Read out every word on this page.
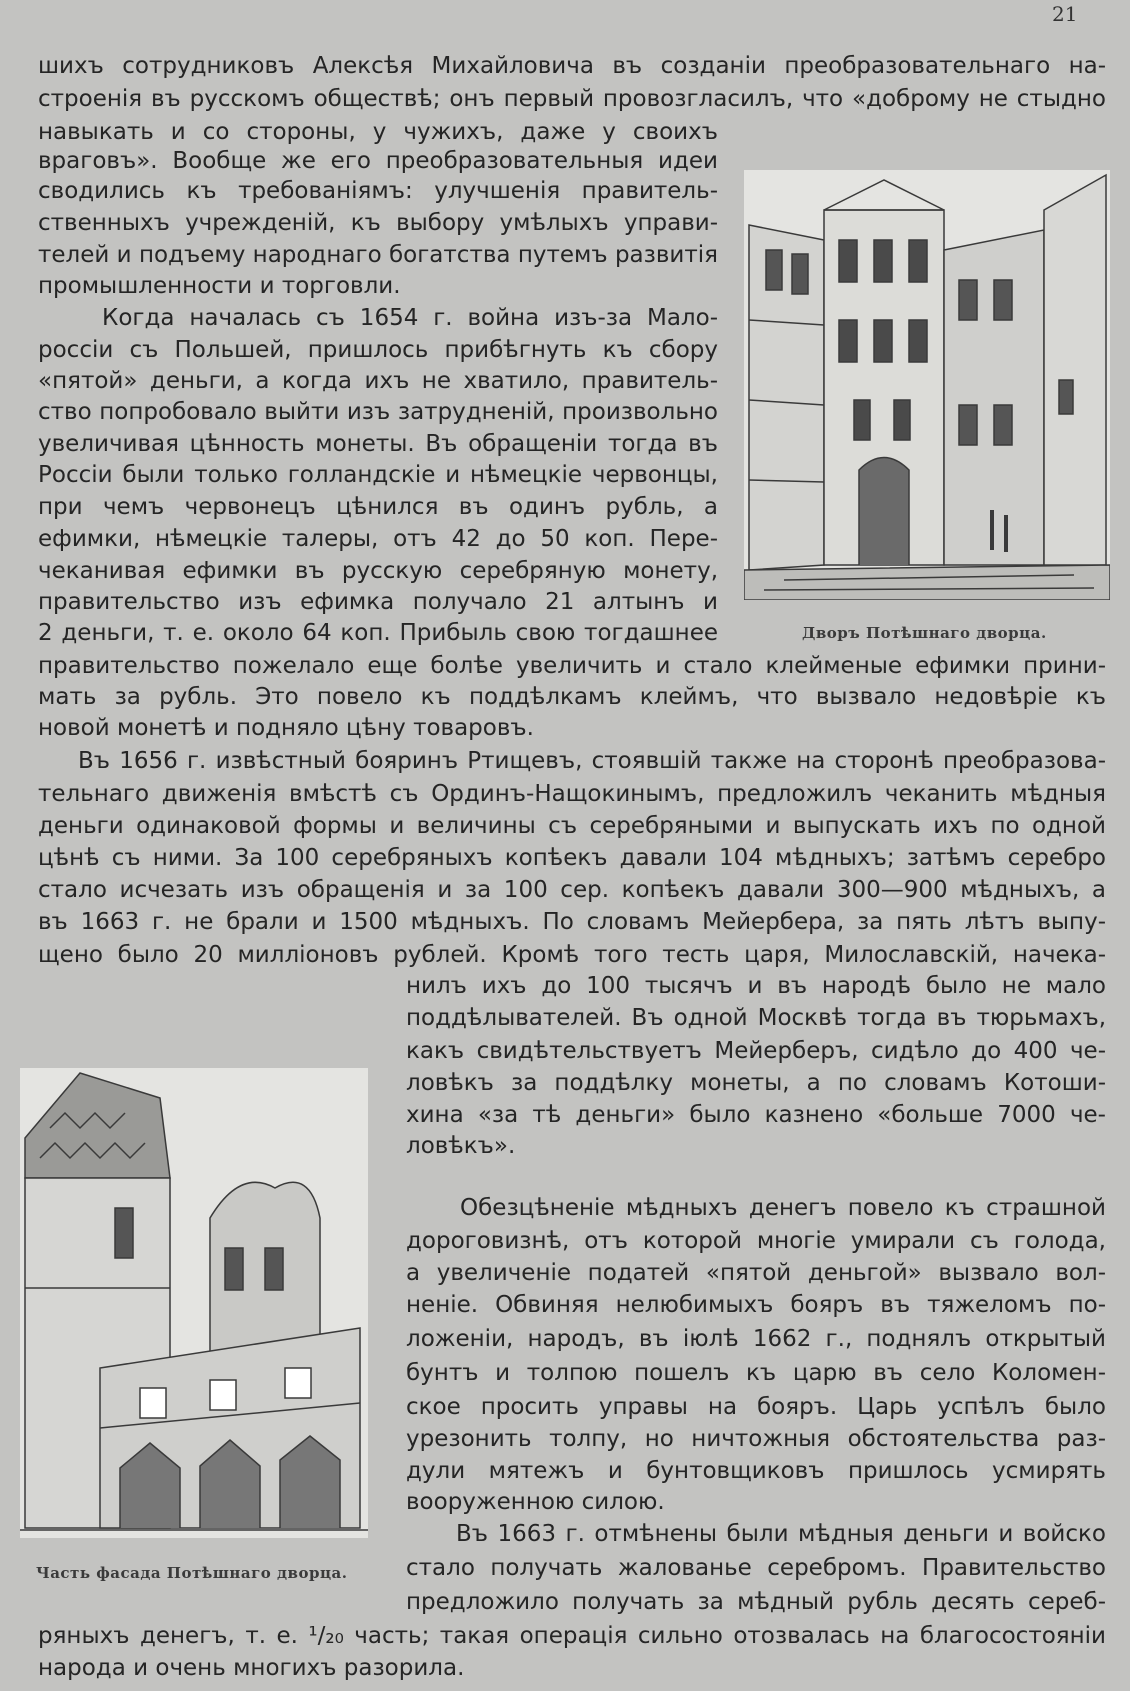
21
шихъ сотрудниковъ Алексѣя Михайловича въ созданіи преобразовательнаго на-
строенія въ русскомъ обществѣ; онъ первый провозгласилъ, что «доброму не стыдно
навыкать и со стороны, у чужихъ, даже у своихъ
враговъ». Вообще же его преобразовательныя идеи
сводились къ требованіямъ: улучшенія правитель-
ственныхъ учрежденій, къ выбору умѣлыхъ управи-
телей и подъему народнаго богатства путемъ развитія
промышленности и торговли.
Когда началась съ 1654 г. война изъ-за Мало-
россіи съ Польшей, пришлось прибѣгнуть къ сбору
«пятой» деньги, а когда ихъ не хватило, правитель-
ство попробовало выйти изъ затрудненій, произвольно
увеличивая цѣнность монеты. Въ обращеніи тогда въ
Россіи были только голландскіе и нѣмецкіе червонцы,
при чемъ червонецъ цѣнился въ одинъ рубль, а
ефимки, нѣмецкіе талеры, отъ 42 до 50 коп. Пере-
чеканивая ефимки въ русскую серебряную монету,
правительство изъ ефимка получало 21 алтынъ и
2 деньги, т. е. около 64 коп. Прибыль свою тогдашнее
правительство пожелало еще болѣе увеличить и стало клейменые ефимки прини-
мать за рубль. Это повело къ поддѣлкамъ клеймъ, что вызвало недовѣріе къ
новой монетѣ и подняло цѣну товаровъ.
Въ 1656 г. извѣстный бояринъ Ртищевъ, стоявшій также на сторонѣ преобразова-
тельнаго движенія вмѣстѣ съ Ординъ-Нащокинымъ, предложилъ чеканить мѣдныя
деньги одинаковой формы и величины съ серебряными и выпускать ихъ по одной
цѣнѣ съ ними. За 100 серебряныхъ копѣекъ давали 104 мѣдныхъ; затѣмъ серебро
стало исчезать изъ обращенія и за 100 сер. копѣекъ давали 300—900 мѣдныхъ, а
въ 1663 г. не брали и 1500 мѣдныхъ. По словамъ Мейербера, за пять лѣтъ выпу-
щено было 20 милліоновъ рублей. Кромѣ того тесть царя, Милославскій, начека-
нилъ ихъ до 100 тысячъ и въ народѣ было не мало
поддѣлывателей. Въ одной Москвѣ тогда въ тюрьмахъ,
какъ свидѣтельствуетъ Мейерберъ, сидѣло до 400 че-
ловѣкъ за поддѣлку монеты, а по словамъ Котоши-
хина «за тѣ деньги» было казнено «больше 7000 че-
ловѣкъ».
Обезцѣненіе мѣдныхъ денегъ повело къ страшной
дороговизнѣ, отъ которой многіе умирали съ голода,
а увеличеніе податей «пятой деньгой» вызвало вол-
неніе. Обвиняя нелюбимыхъ бояръ въ тяжеломъ по-
ложеніи, народъ, въ іюлѣ 1662 г., поднялъ открытый
бунтъ и толпою пошелъ къ царю въ село Коломен-
ское просить управы на бояръ. Царь успѣлъ было
урезонить толпу, но ничтожныя обстоятельства раз-
дули мятежъ и бунтовщиковъ пришлось усмирять
вооруженною силою.
Въ 1663 г. отмѣнены были мѣдныя деньги и войско
стало получать жалованье серебромъ. Правительство
предложило получать за мѣдный рубль десять сереб-
ряныхъ денегъ, т. е. ¹/₂₀ часть; такая операція сильно отозвалась на благосостояніи
народа и очень многихъ разорила.
Дворъ Потѣшнаго дворца.
Часть фасада Потѣшнаго дворца.
